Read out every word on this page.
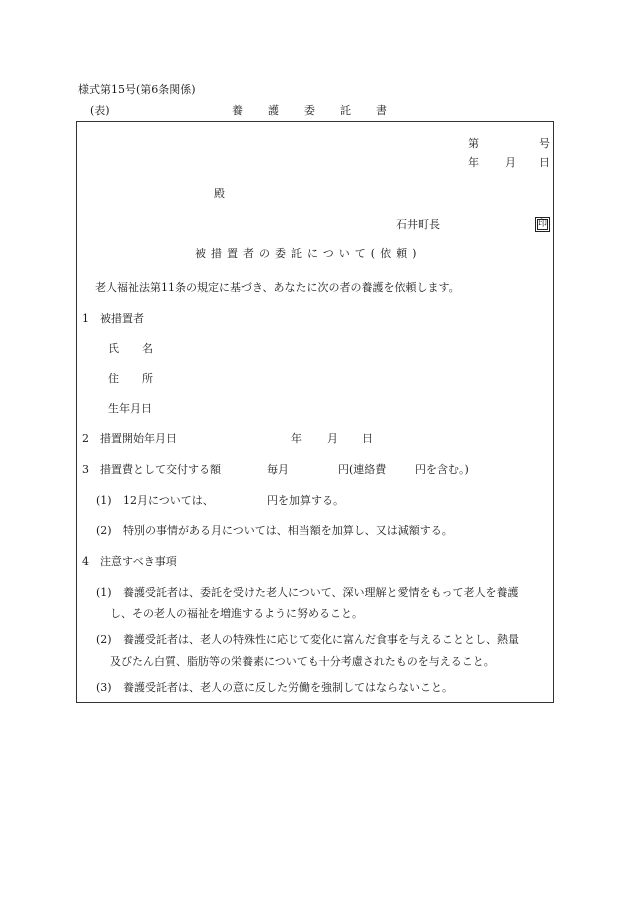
様式第15号(第6条関係)
(表)	養 護 委 託 書
第	号
年 月 日
殿
石井町長	印
被措置者の委託について(依頼)
老人福祉法第11条の規定に基づき、あなたに次の者の養護を依頼します。
1　被措置者
氏 名
住 所
生年月日
2　措置開始年月日	年 月 日
3　措置費として交付する額	毎月	円(連絡費	円を含む。)
(1) 12月については、	円を加算する。
(2) 特別の事情がある月については、相当額を加算し、又は減額する。
4　注意すべき事項
(1) 養護受託者は、委託を受けた老人について、深い理解と愛情をもって老人を養護
し、その老人の福祉を増進するように努めること。
(2) 養護受託者は、老人の特殊性に応じて変化に富んだ食事を与えることとし、熱量
及びたん白質、脂肪等の栄養素についても十分考慮されたものを与えること。
(3) 養護受託者は、老人の意に反した労働を強制してはならないこと。
